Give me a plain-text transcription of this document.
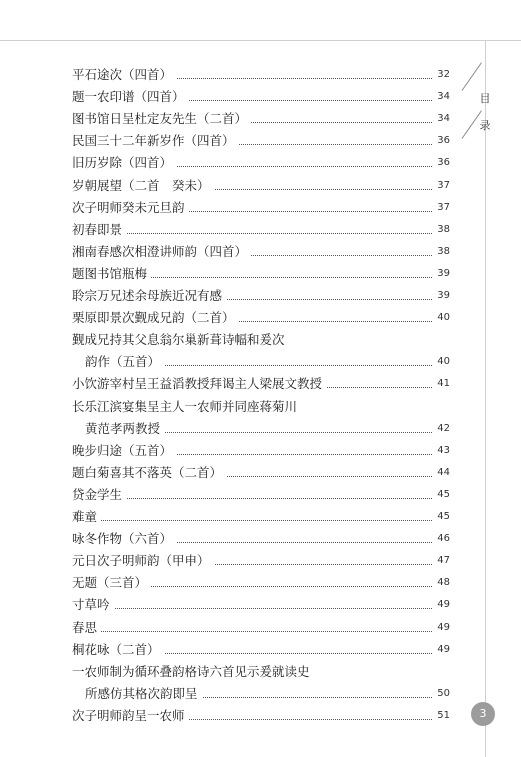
目
录
平石途次（四首）	32
题一农印谱（四首）	34
图书馆日呈杜定友先生（二首）	34
民国三十二年新岁作（四首）	36
旧历岁除（四首）	36
岁朝展望（二首　癸未）	37
次子明师癸未元旦韵	37
初春即景	38
湘南春感次相澄讲师韵（四首）	38
题图书馆瓶梅	39
聆宗万兄述余母族近况有感	39
栗原即景次觐成兄韵（二首）	40
觐成兄持其父息翁尔巢新葺诗幅和爰次
韵作（五首）	40
小饮游宰村呈王益滔教授拜谒主人梁展文教授	41
长乐江滨宴集呈主人一农师并同座蒋菊川
黄范孝两教授	42
晚步归途（五首）	43
题白菊喜其不落英（二首）	44
贷金学生	45
难童	45
咏冬作物（六首）	46
元日次子明师韵（甲申）	47
无题（三首）	48
寸草吟	49
春思	49
桐花咏（二首）	49
一农师制为循环叠韵格诗六首见示爰就读史
所感仿其格次韵即呈	50
次子明师韵呈一农师	51	3
